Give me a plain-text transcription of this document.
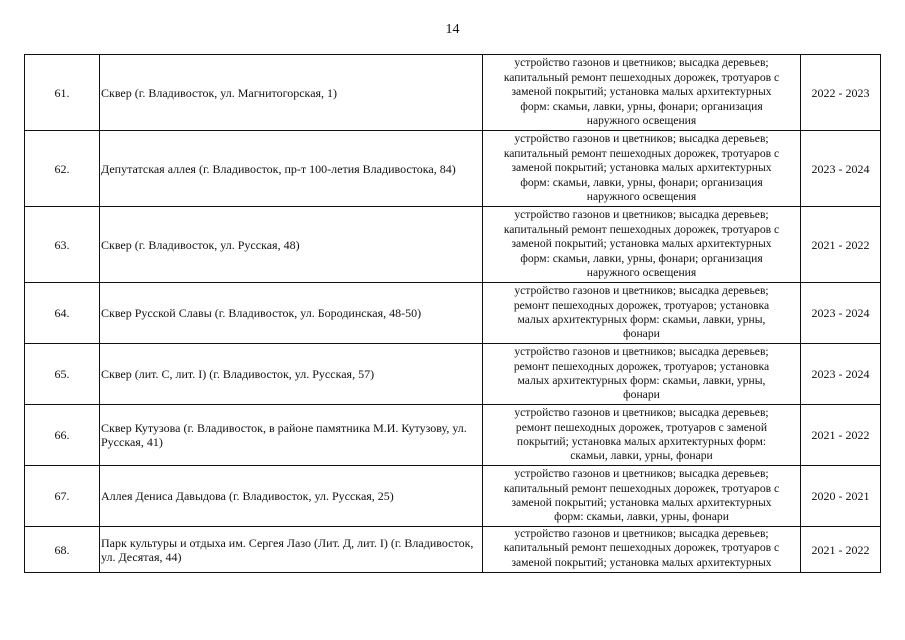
14
61.	Сквер (г. Владивосток, ул. Магнитогорская, 1)	устройство газонов и цветников; высадка деревьев;
капитальный ремонт пешеходных дорожек, тротуаров с
заменой покрытий; установка малых архитектурных
форм: скамьи, лавки, урны, фонари; организация
наружного освещения	2022 - 2023
62.	Депутатская аллея (г. Владивосток, пр-т 100-летия Владивостока, 84)	устройство газонов и цветников; высадка деревьев;
капитальный ремонт пешеходных дорожек, тротуаров с
заменой покрытий; установка малых архитектурных
форм: скамьи, лавки, урны, фонари; организация
наружного освещения	2023 - 2024
63.	Сквер (г. Владивосток, ул. Русская, 48)	устройство газонов и цветников; высадка деревьев;
капитальный ремонт пешеходных дорожек, тротуаров с
заменой покрытий; установка малых архитектурных
форм: скамьи, лавки, урны, фонари; организация
наружного освещения	2021 - 2022
64.	Сквер Русской Славы (г. Владивосток, ул. Бородинская, 48-50)	устройство газонов и цветников; высадка деревьев;
ремонт пешеходных дорожек, тротуаров; установка
малых архитектурных форм: скамьи, лавки, урны,
фонари	2023 - 2024
65.	Сквер (лит. С, лит. I) (г. Владивосток, ул. Русская, 57)	устройство газонов и цветников; высадка деревьев;
ремонт пешеходных дорожек, тротуаров; установка
малых архитектурных форм: скамьи, лавки, урны,
фонари	2023 - 2024
66.	Сквер Кутузова (г. Владивосток, в районе памятника М.И. Кутузову, ул. Русская, 41)	устройство газонов и цветников; высадка деревьев;
ремонт пешеходных дорожек, тротуаров с заменой
покрытий; установка малых архитектурных форм:
скамьи, лавки, урны, фонари	2021 - 2022
67.	Аллея Дениса Давыдова (г. Владивосток, ул. Русская, 25)	устройство газонов и цветников; высадка деревьев;
капитальный ремонт пешеходных дорожек, тротуаров с
заменой покрытий; установка малых архитектурных
форм: скамьи, лавки, урны, фонари	2020 - 2021
68.	Парк культуры и отдыха им. Сергея Лазо (Лит. Д, лит. I) (г. Владивосток, ул. Десятая, 44)	устройство газонов и цветников; высадка деревьев;
капитальный ремонт пешеходных дорожек, тротуаров с
заменой покрытий; установка малых архитектурных	2021 - 2022
